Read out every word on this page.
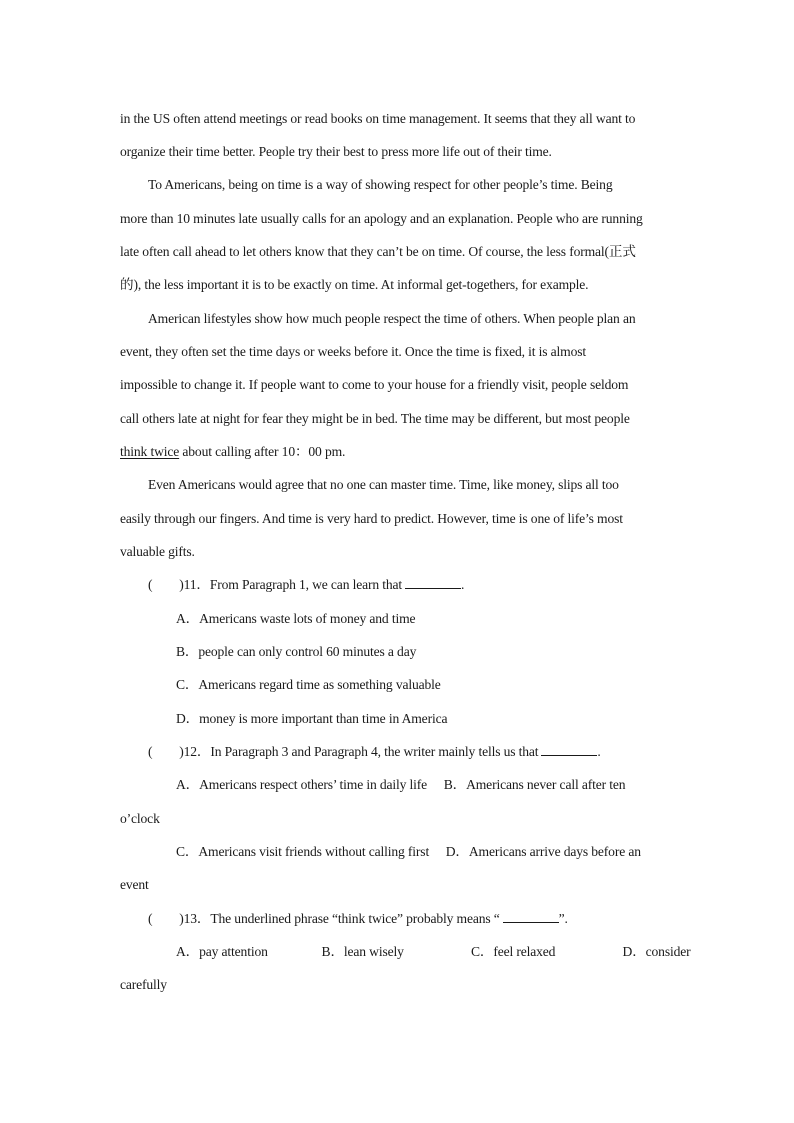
in the US often attend meetings or read books on time management. It seems that they all want to
organize their time better. People try their best to press more life out of their time.
To Americans, being on time is a way of showing respect for other people’s time. Being
more than 10 minutes late usually calls for an apology and an explanation. People who are running
late often call ahead to let others know that they can’t be on time. Of course, the less formal(正式
的), the less important it is to be exactly on time. At informal get-togethers, for example.
American lifestyles show how much people respect the time of others. When people plan an
event, they often set the time days or weeks before it. Once the time is fixed, it is almost
impossible to change it. If people want to come to your house for a friendly visit, people seldom
call others late at night for fear they might be in bed. The time may be different, but most people
think twice about calling after 10：00 pm.
Even Americans would agree that no one can master time. Time, like money, slips all too
easily through our fingers. And time is very hard to predict. However, time is one of life’s most
valuable gifts.
(　　)11．From Paragraph 1, we can learn that	.
A．Americans waste lots of money and time
B．people can only control 60 minutes a day
C．Americans regard time as something valuable
D．money is more important than time in America
(　　)12．In Paragraph 3 and Paragraph 4, the writer mainly tells us that	.
A．Americans respect others’ time in daily life　 B．Americans never call after ten
o’clock
C．Americans visit friends without calling first　 D．Americans arrive days before an
event
(　　)13．The underlined phrase “think twice” probably means “	”.
A．pay attention　　　　B．lean wisely　　　　　C．feel relaxed　　　　　D．consider
carefully
